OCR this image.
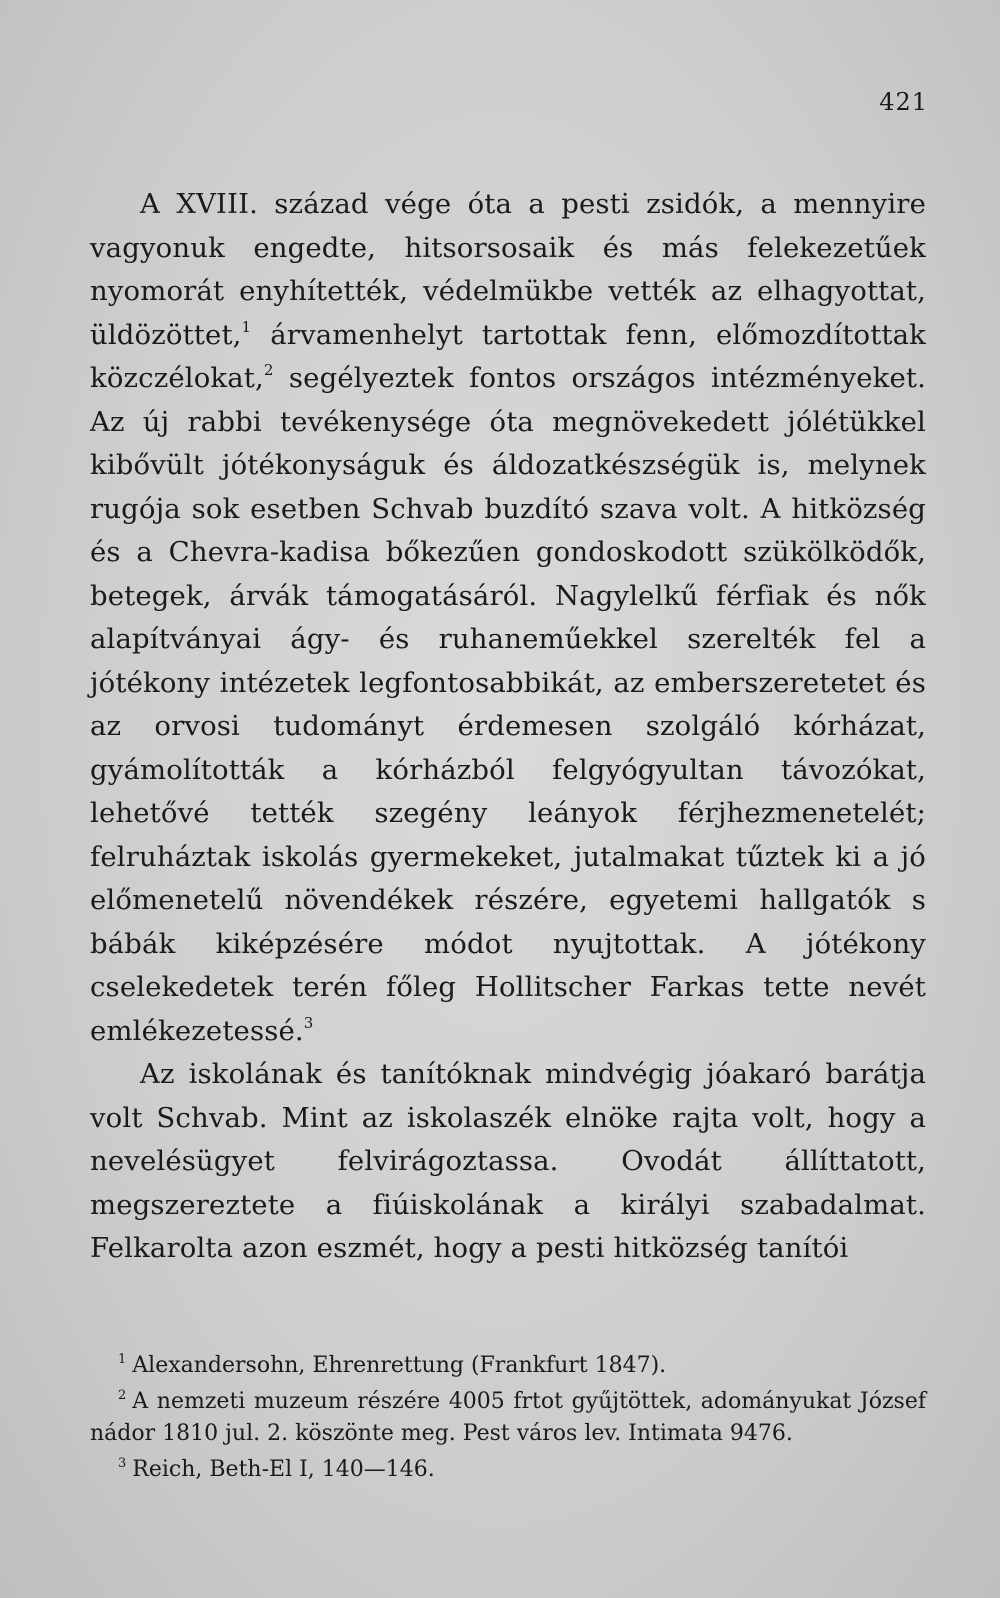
421

A XVIII. század vége óta a pesti zsidók, a mennyire vagyonuk engedte, hitsorsosaik és más felekezetűek nyomorát enyhítették, védelmükbe vették az elhagyottat, üldözöttet,$^1$ árvamenhelyt tartottak fenn, előmozdítottak közczélokat,$^2$ segélyeztek fontos országos intézményeket. Az új rabbi tevékenysége óta megnövekedett jólétükkel kibővült jótékonyságuk és áldozatkészségük is, melynek rugója sok esetben Schvab buzdító szava volt. A hitközség és a Chevra-kadisa bőkezűen gondoskodott szükölködők, betegek, árvák támogatásáról. Nagylelkű férfiak és nők alapítványai ágy- és ruhaneműekkel szerelték fel a jótékony intézetek legfontosabbikát, az emberszeretetet és az orvosi tudományt érdemesen szolgáló kórházat, gyámolították a kórházból felgyógyultan távozókat, lehetővé tették szegény leányok férjhezmenetelét; felruháztak iskolás gyermekeket, jutalmakat tűztek ki a jó előmenetelű növendékek részére, egyetemi hallgatók s bábák kiképzésére módot nyujtottak. A jótékony cselekedetek terén főleg Hollitscher Farkas tette nevét emlékezetessé.$^3$

Az iskolának és tanítóknak mindvégig jóakaró barátja volt Schvab. Mint az iskolaszék elnöke rajta volt, hogy a nevelésügyet felvirágoztassa. Ovodát állíttatott, megszereztete a fiúiskolának a királyi szabadalmat. Felkarolta azon eszmét, hogy a pesti hitközség tanítói

$^1$ Alexandersohn, Ehrenrettung (Frankfurt 1847).

$^2$ A nemzeti muzeum részére 4005 frtot gyűjtöttek, adományukat József nádor 1810 jul. 2. köszönte meg. Pest város lev. Intimata 9476.

$^3$ Reich, Beth-El I, 140—146.
